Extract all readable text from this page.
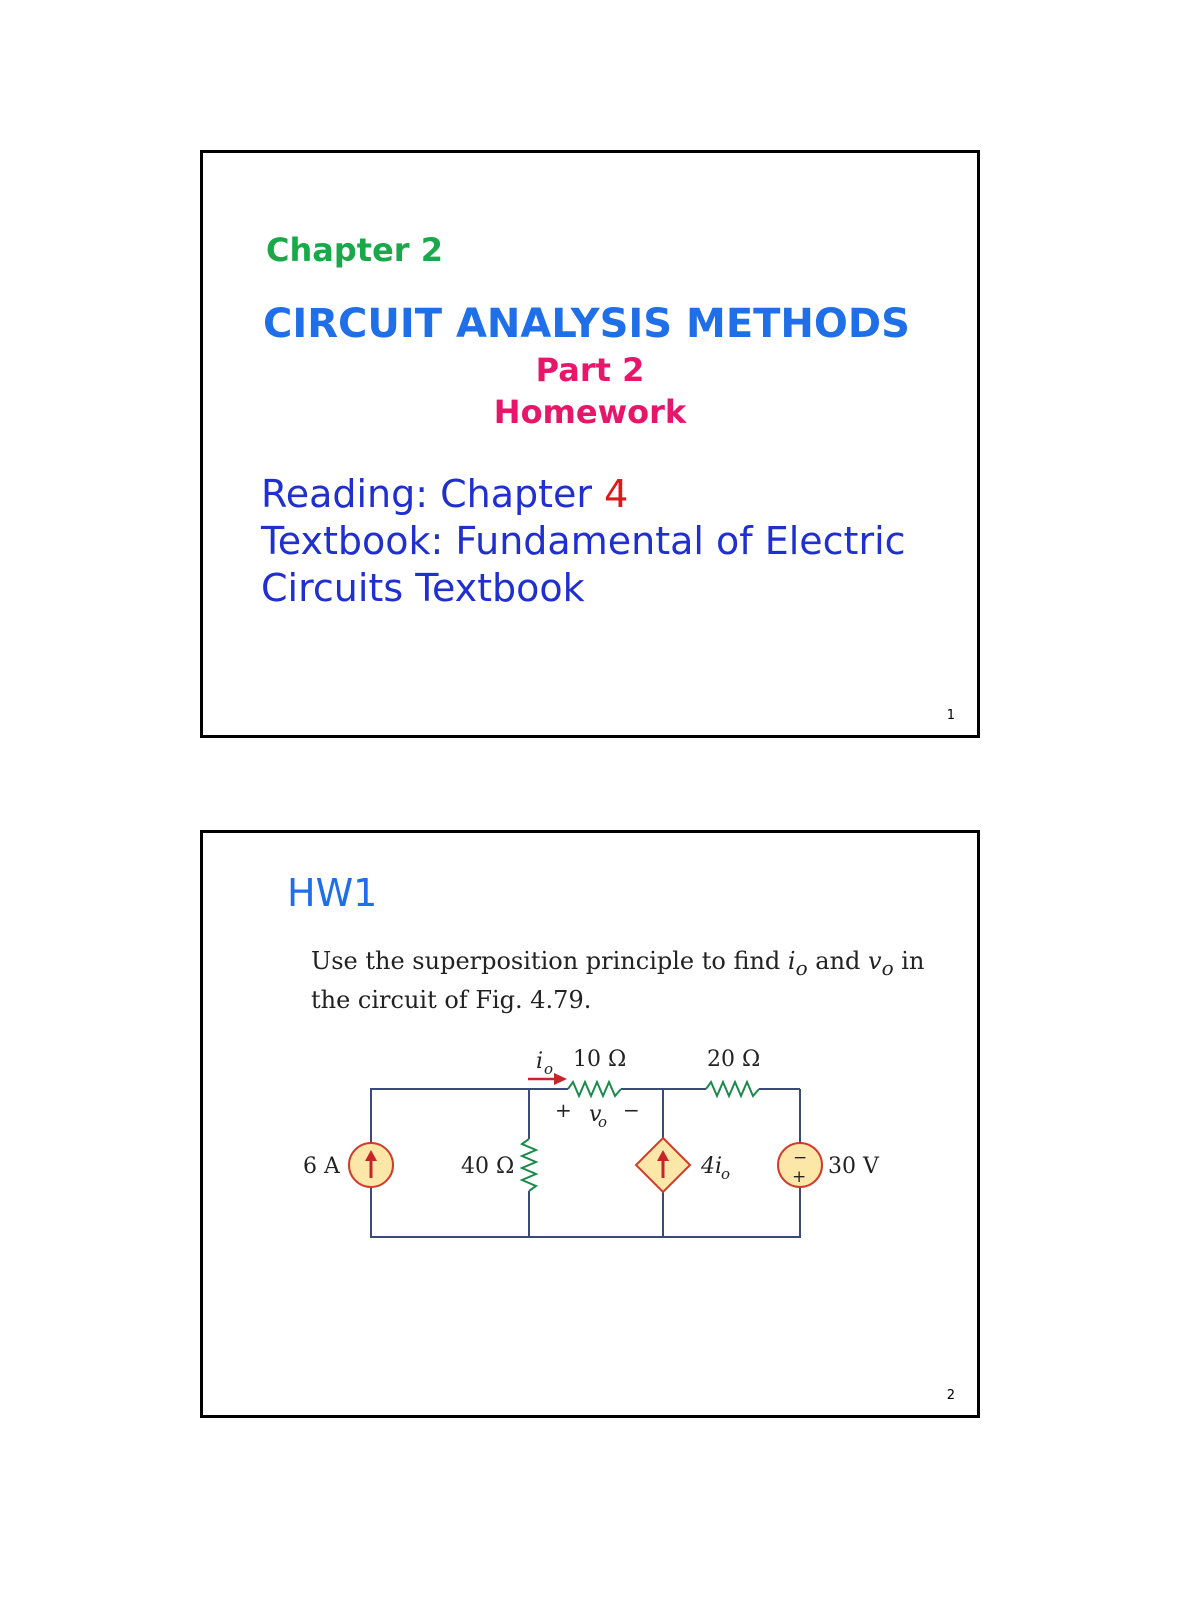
Chapter 2
CIRCUIT ANALYSIS METHODS
Part 2
Homework
Reading: Chapter 4
Textbook: Fundamental of Electric
Circuits Textbook
1
HW1
Use the superposition principle to find $i_o$ and $v_o$ in
the circuit of Fig. 4.79.
i o 10 Ω	20 Ω
+ v
o −
6 A	40 Ω	4i
o
−
+ 30 V
2
